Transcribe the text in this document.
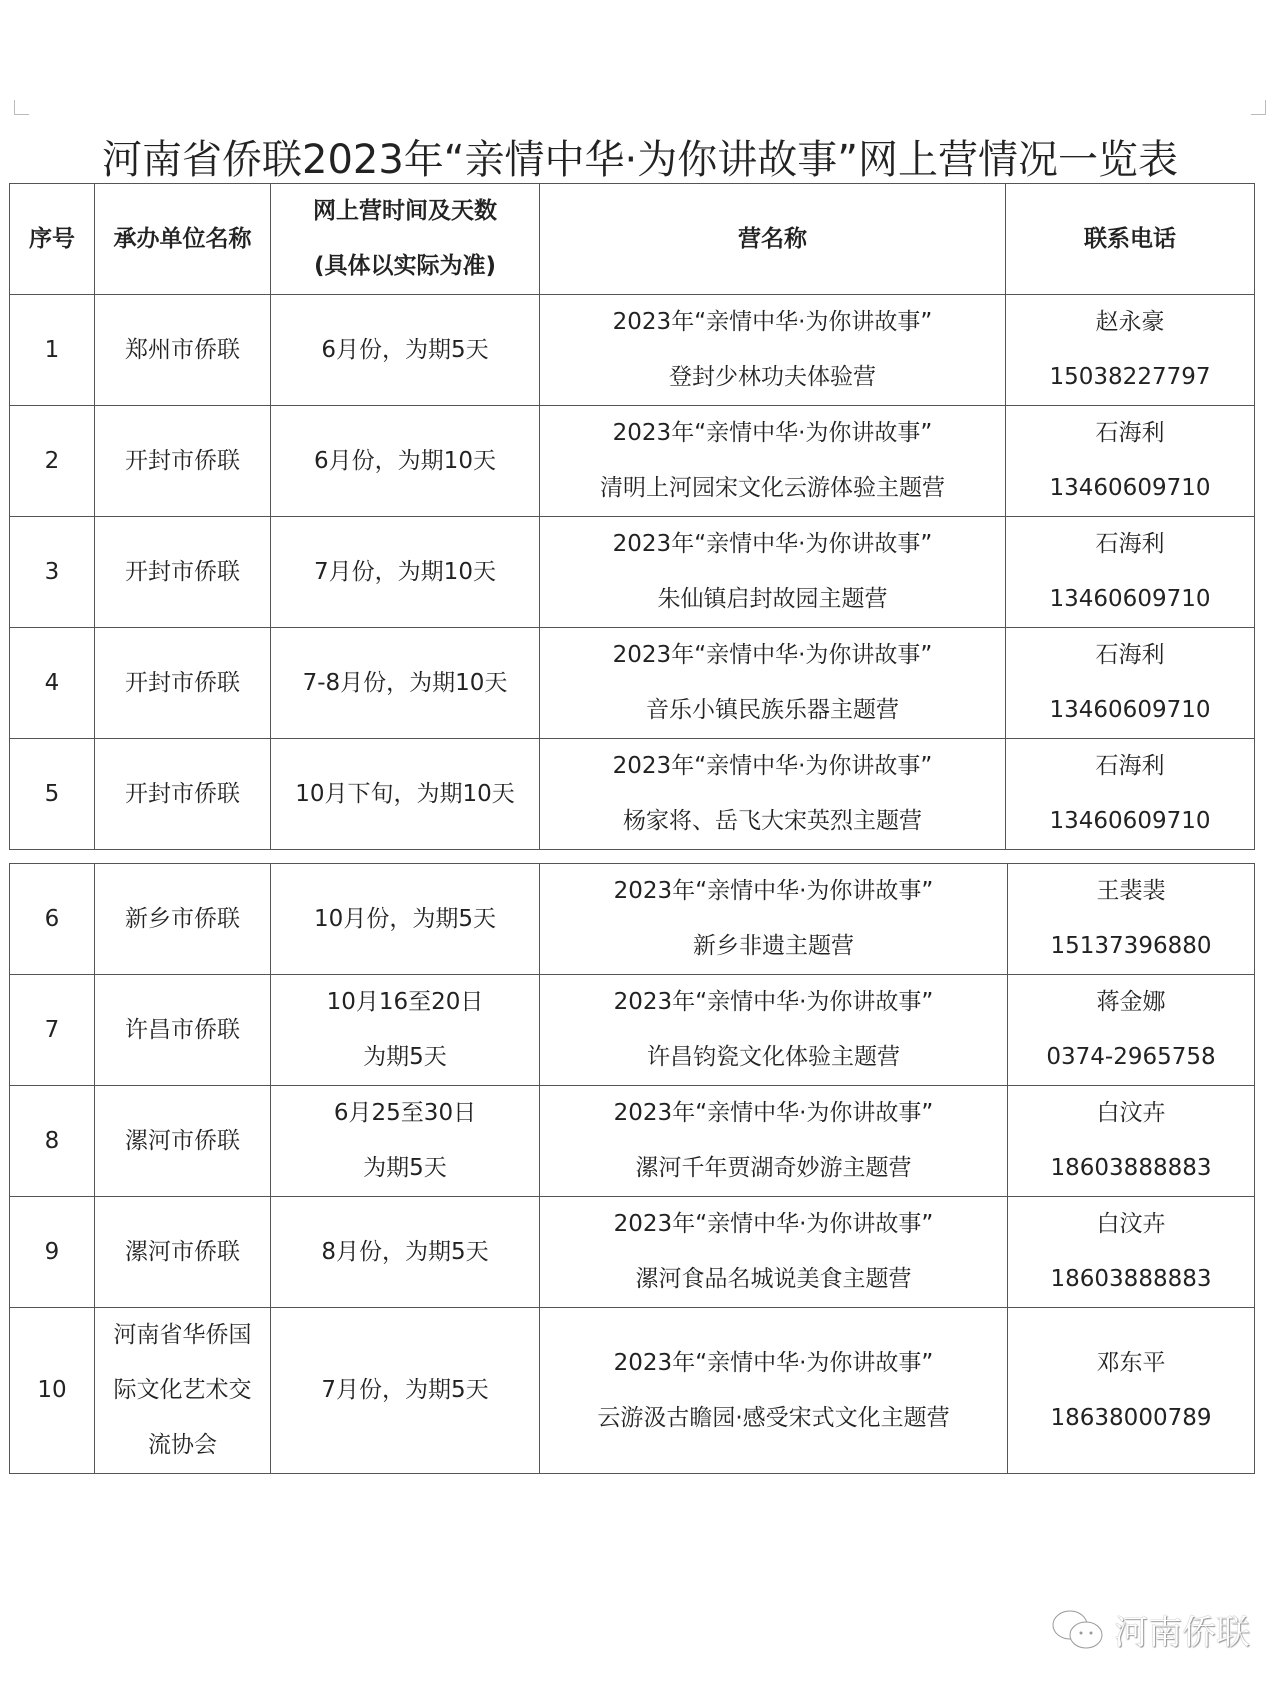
河南省侨联2023年“亲情中华·为你讲故事”网上营情况一览表
序号	承办单位名称	网上营时间及天数
(具体以实际为准)	营名称	联系电话
1	郑州市侨联	6月份，为期5天	2023年“亲情中华·为你讲故事”
登封少林功夫体验营	赵永豪
15038227797

2	开封市侨联	6月份，为期10天	2023年“亲情中华·为你讲故事”
清明上河园宋文化云游体验主题营	石海利
13460609710

3	开封市侨联	7月份，为期10天	2023年“亲情中华·为你讲故事”
朱仙镇启封故园主题营	石海利
13460609710

4	开封市侨联	7-8月份，为期10天	2023年“亲情中华·为你讲故事”
音乐小镇民族乐器主题营	石海利
13460609710

5	开封市侨联	10月下旬，为期10天	2023年“亲情中华·为你讲故事”
杨家将、岳飞大宋英烈主题营	石海利
13460609710
6	新乡市侨联	10月份，为期5天	2023年“亲情中华·为你讲故事”
新乡非遗主题营	王裴裴
15137396880

7	许昌市侨联	10月16至20日
为期5天	2023年“亲情中华·为你讲故事”
许昌钧瓷文化体验主题营	蒋金娜
0374-2965758

8	漯河市侨联	6月25至30日
为期5天	2023年“亲情中华·为你讲故事”
漯河千年贾湖奇妙游主题营	白汶卉
18603888883

9	漯河市侨联	8月份，为期5天	2023年“亲情中华·为你讲故事”
漯河食品名城说美食主题营	白汶卉
18603888883

10	河南省华侨国
际文化艺术交
流协会	7月份，为期5天	2023年“亲情中华·为你讲故事”
云游汲古瞻园·感受宋式文化主题营	邓东平
18638000789
河南侨联
